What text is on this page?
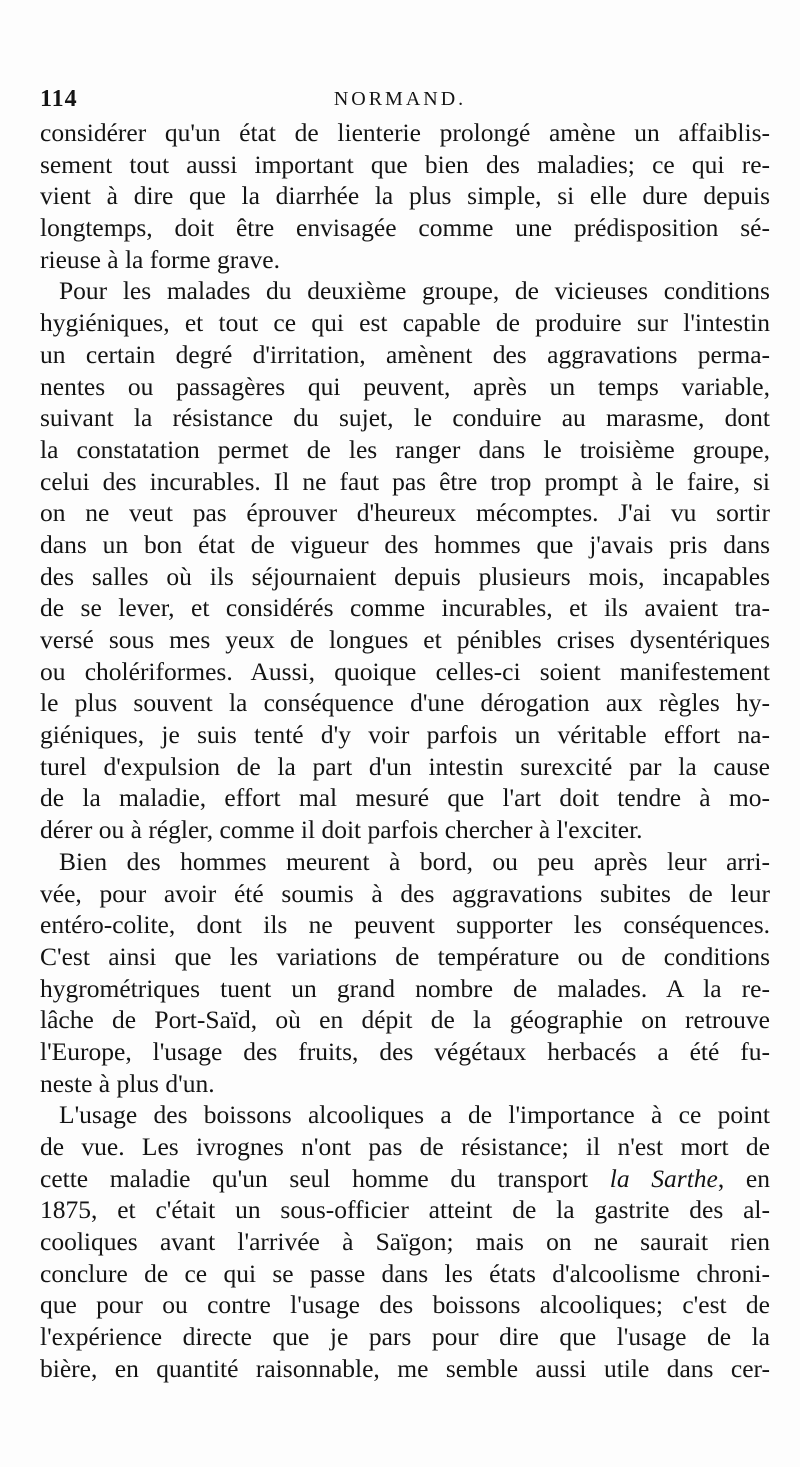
114	NORMAND.
considérer qu'un état de lienterie prolongé amène un affaiblis-
sement tout aussi important que bien des maladies; ce qui re-
vient à dire que la diarrhée la plus simple, si elle dure depuis
longtemps, doit être envisagée comme une prédisposition sé-
rieuse à la forme grave.
Pour les malades du deuxième groupe, de vicieuses conditions
hygiéniques, et tout ce qui est capable de produire sur l'intestin
un certain degré d'irritation, amènent des aggravations perma-
nentes ou passagères qui peuvent, après un temps variable,
suivant la résistance du sujet, le conduire au marasme, dont
la constatation permet de les ranger dans le troisième groupe,
celui des incurables. Il ne faut pas être trop prompt à le faire, si
on ne veut pas éprouver d'heureux mécomptes. J'ai vu sortir
dans un bon état de vigueur des hommes que j'avais pris dans
des salles où ils séjournaient depuis plusieurs mois, incapables
de se lever, et considérés comme incurables, et ils avaient tra-
versé sous mes yeux de longues et pénibles crises dysentériques
ou cholériformes. Aussi, quoique celles-ci soient manifestement
le plus souvent la conséquence d'une dérogation aux règles hy-
giéniques, je suis tenté d'y voir parfois un véritable effort na-
turel d'expulsion de la part d'un intestin surexcité par la cause
de la maladie, effort mal mesuré que l'art doit tendre à mo-
dérer ou à régler, comme il doit parfois chercher à l'exciter.
Bien des hommes meurent à bord, ou peu après leur arri-
vée, pour avoir été soumis à des aggravations subites de leur
entéro-colite, dont ils ne peuvent supporter les conséquences.
C'est ainsi que les variations de température ou de conditions
hygrométriques tuent un grand nombre de malades. A la re-
lâche de Port-Saïd, où en dépit de la géographie on retrouve
l'Europe, l'usage des fruits, des végétaux herbacés a été fu-
neste à plus d'un.
L'usage des boissons alcooliques a de l'importance à ce point
de vue. Les ivrognes n'ont pas de résistance; il n'est mort de
cette maladie qu'un seul homme du transport la Sarthe, en
1875, et c'était un sous-officier atteint de la gastrite des al-
cooliques avant l'arrivée à Saïgon; mais on ne saurait rien
conclure de ce qui se passe dans les états d'alcoolisme chroni-
que pour ou contre l'usage des boissons alcooliques; c'est de
l'expérience directe que je pars pour dire que l'usage de la
bière, en quantité raisonnable, me semble aussi utile dans cer-
